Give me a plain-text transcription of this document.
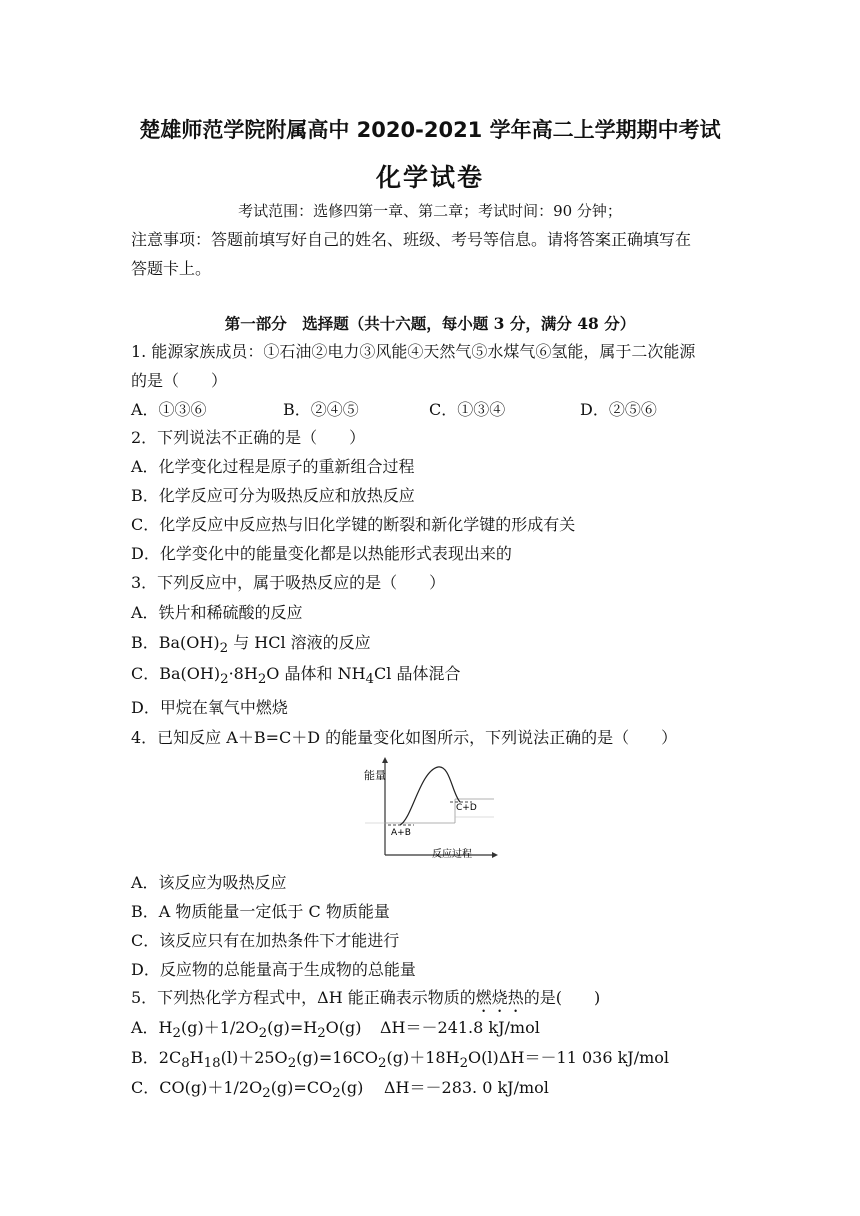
楚雄师范学院附属高中 2020-2021 学年高二上学期期中考试
化学试卷
考试范围：选修四第一章、第二章；考试时间：90 分钟；
注意事项：答题前填写好自己的姓名、班级、考号等信息。请将答案正确填写在
答题卡上。
第一部分　选择题（共十六题，每小题 3 分，满分 48 分）
1. 能源家族成员：①石油②电力③风能④天然气⑤水煤气⑥氢能，属于二次能源
的是（　　）
A．①③⑥	B．②④⑤	C．①③④	D．②⑤⑥
2．下列说法不正确的是（　　）
A．化学变化过程是原子的重新组合过程
B．化学反应可分为吸热反应和放热反应
C．化学反应中反应热与旧化学键的断裂和新化学键的形成有关
D．化学变化中的能量变化都是以热能形式表现出来的
3．下列反应中，属于吸热反应的是（　　）
A．铁片和稀硫酸的反应
B．$Ba(OH)_2$ 与 HCl 溶液的反应
C．$Ba(OH)_2\cdot 8H_2O$ 晶体和 $NH_4Cl$ 晶体混合
D．甲烷在氧气中燃烧
4．已知反应 A＋B=C＋D 的能量变化如图所示，下列说法正确的是（　　）
能量
A+B
C+D
反应过程
A．该反应为吸热反应
B．A 物质能量一定低于 C 物质能量
C．该反应只有在加热条件下才能进行
D．反应物的总能量高于生成物的总能量
5．下列热化学方程式中，ΔH 能正确表示物质的燃烧热的是(　　)
A．$H_2(g)+1/2O_2(g)=H_2O(g)$ ΔH＝－241.8 kJ/mol
B．$2C_8H_{18}(l)+25O_2(g)=16CO_2(g)+18H_2O(l)$ ΔH＝－11 036 kJ/mol
C．$CO(g)+1/2O_2(g)=CO_2(g)$ ΔH＝－283. 0 kJ/mol
